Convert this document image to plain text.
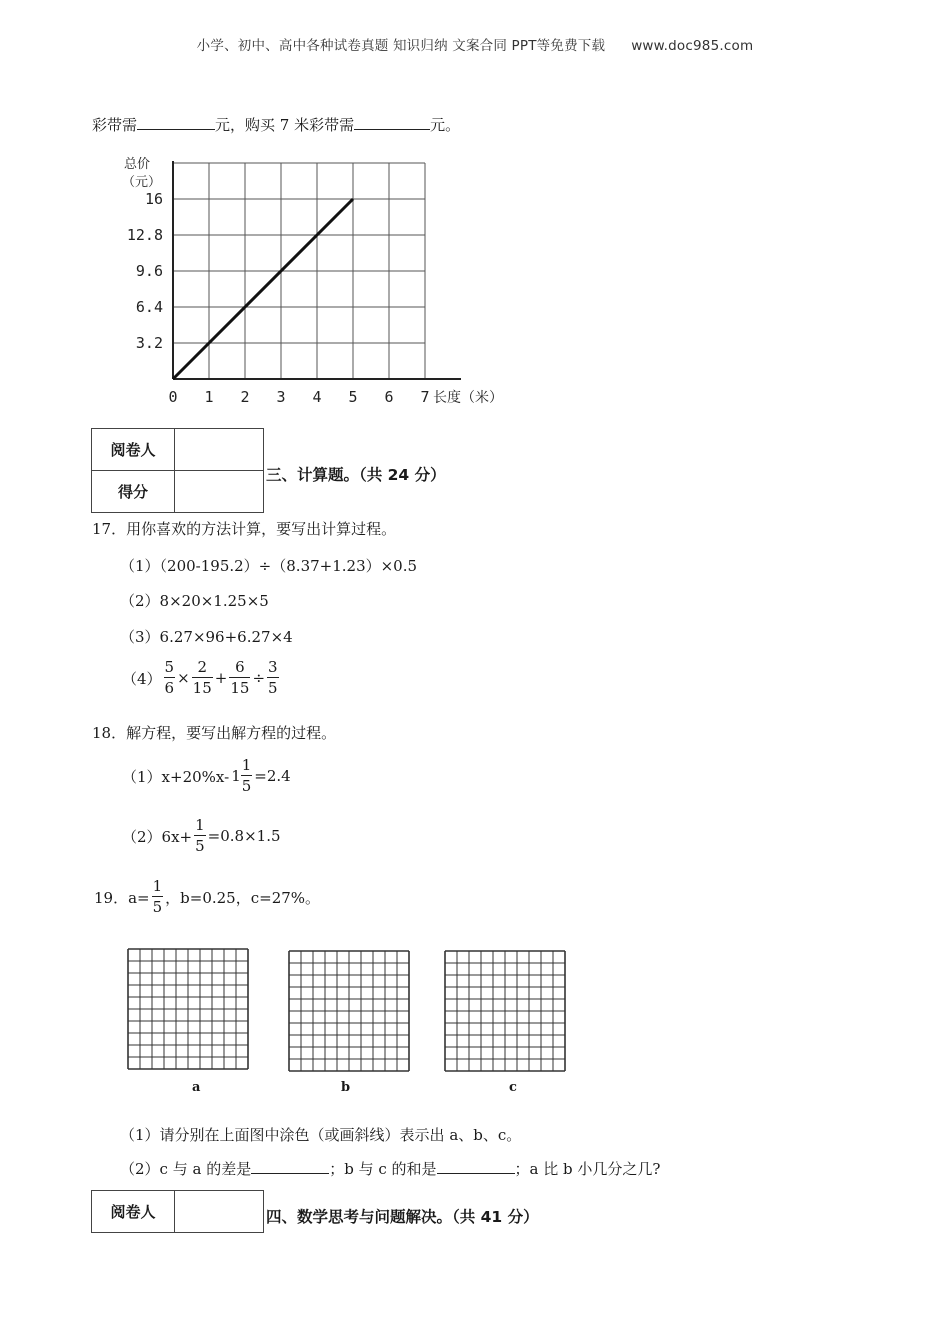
小学、初中、高中各种试卷真题 知识归纳 文案合同 PPT等免费下载 www.doc985.com
彩带需	元，购买 7 米彩带需	元。
3.2
6.4
9.6
12.8
16
0 1 2 3 4 5 6 7
总价
（元）
长度（米）
阅卷人	
得分	
三、计算题。（共 24 分）
17．用你喜欢的方法计算，要写出计算过程。
（1）（200-195.2）÷（8.37+1.23）×0.5
（2）8×20×1.25×5
（3）6.27×96+6.27×4
$(4) \frac{5}{6} \times \frac{2}{15} + \frac{6}{15} \div \frac{3}{5}$
18．解方程，要写出解方程的过程。
（1）x+20%x- $1 \frac{1}{5} =2.4$
$(2)6x+ \frac{1}{5} =0.8\times 1.5$
19．$a= \frac{1}{5}$ ，b=0.25，c=27%。
a	b	c
（1）请分别在上面图中涂色（或画斜线）表示出 a、b、c。
（2）c 与 a 的差是	；b 与 c 的和是	；a 比 b 小几分之几?
阅卷人		四、数学思考与问题解决。（共 41 分）
